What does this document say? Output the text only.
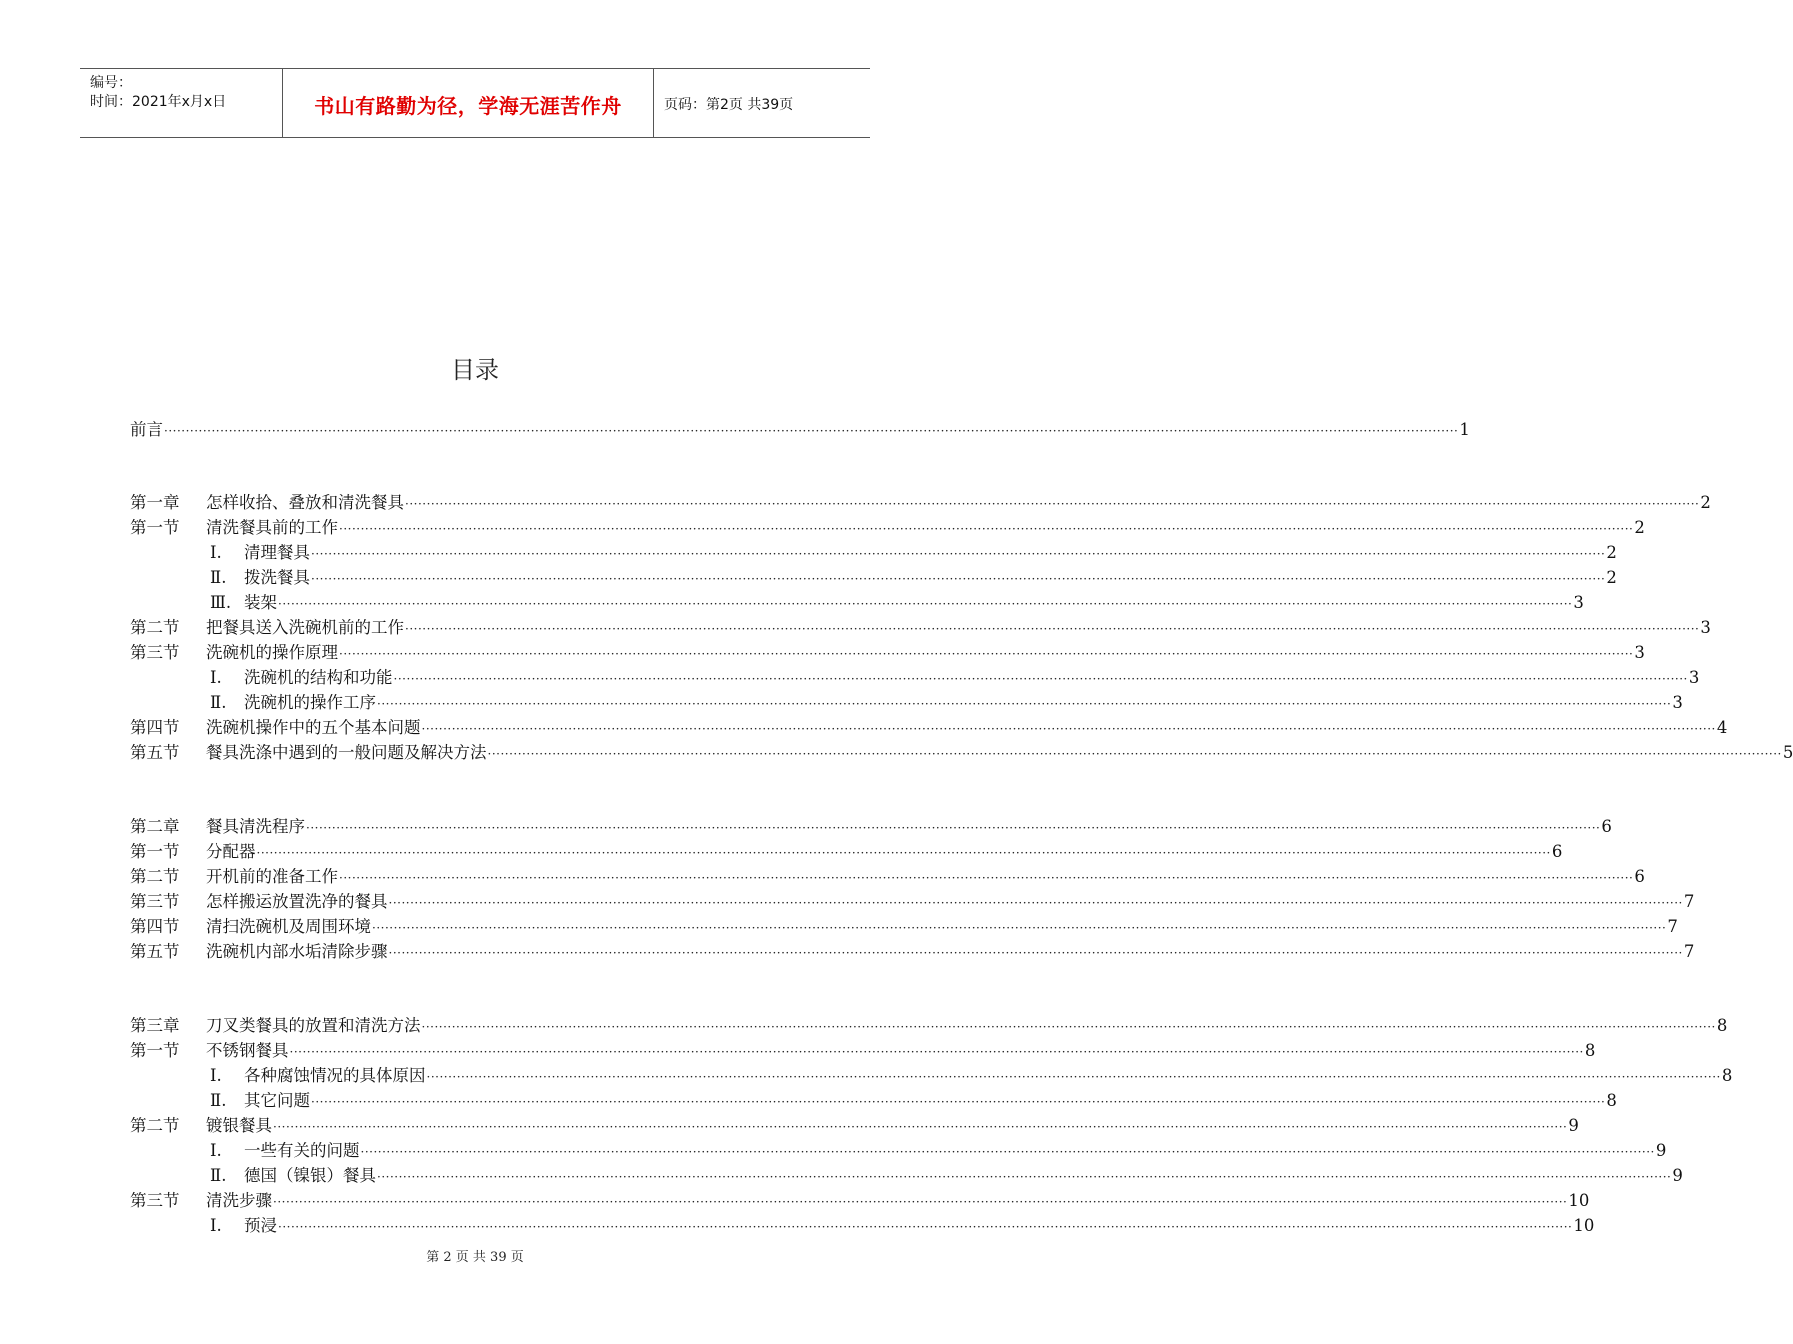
编号：
时间：2021年x月x日	书山有路勤为径，学海无涯苦作舟	页码：第2页 共39页
目录
前言 ············································································································································································································································································································ 1
第一章	怎样收拾、叠放和清洗餐具 ············································································································································································································································································································ 2
第一节	清洗餐具前的工作 ············································································································································································································································································································ 2
Ⅰ.	清理餐具 ············································································································································································································································································································ 2
Ⅱ.	拨洗餐具 ············································································································································································································································································································ 2
Ⅲ. 装架 ············································································································································································································································································································ 3
第二节	把餐具送入洗碗机前的工作 ············································································································································································································································································································ 3
第三节	洗碗机的操作原理 ············································································································································································································································································································ 3
Ⅰ.	洗碗机的结构和功能 ············································································································································································································································································································ 3
Ⅱ.	洗碗机的操作工序 ············································································································································································································································································································ 3
第四节	洗碗机操作中的五个基本问题 ············································································································································································································································································································ 4
第五节	餐具洗涤中遇到的一般问题及解决方法 ············································································································································································································································································································ 5
第二章	餐具清洗程序 ············································································································································································································································································································ 6
第一节	分配器 ············································································································································································································································································································ 6
第二节	开机前的准备工作 ············································································································································································································································································································ 6
第三节	怎样搬运放置洗净的餐具 ············································································································································································································································································································ 7
第四节	清扫洗碗机及周围环境 ············································································································································································································································································································ 7
第五节	洗碗机内部水垢清除步骤 ············································································································································································································································································································ 7
第三章	刀叉类餐具的放置和清洗方法 ············································································································································································································································································································ 8
第一节	不锈钢餐具 ············································································································································································································································································································ 8
Ⅰ.	各种腐蚀情况的具体原因 ············································································································································································································································································································ 8
Ⅱ.	其它问题 ············································································································································································································································································································ 8
第二节	镀银餐具 ············································································································································································································································································································ 9
Ⅰ.	一些有关的问题 ············································································································································································································································································································ 9
Ⅱ.	德国（镍银）餐具 ············································································································································································································································································································ 9
第三节	清洗步骤 ············································································································································································································································································································ 10
Ⅰ.	预浸 ············································································································································································································································································································ 10
第 2 页 共 39 页
